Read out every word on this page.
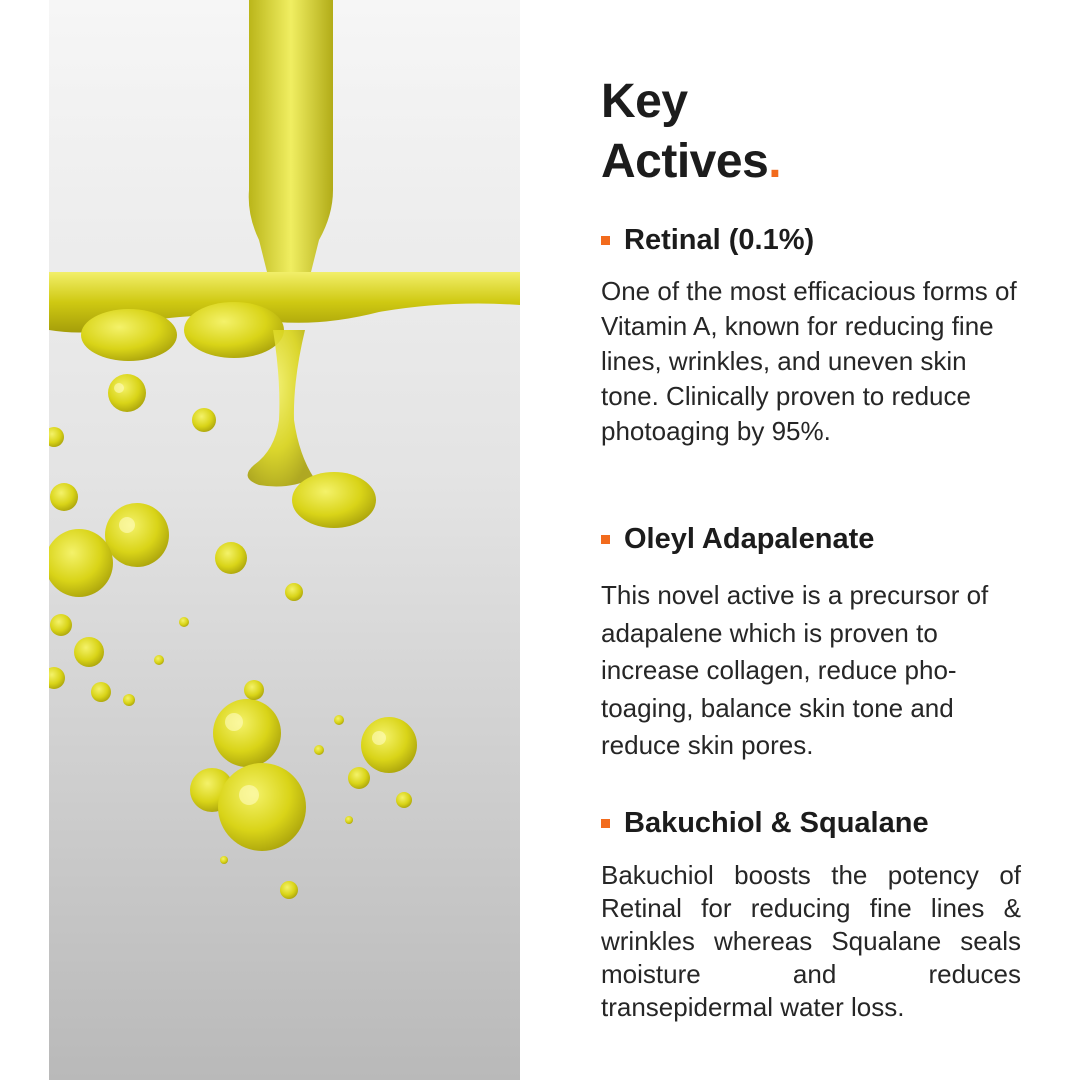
Key
Actives.
Retinal (0.1%)

One of the most efficacious forms of Vitamin A, known for reducing fine lines, wrinkles, and uneven skin tone. Clinically proven to reduce photoaging by 95%.

Oleyl Adapalenate

This novel active is a precursor of adapalene which is proven to increase collagen, reduce pho-toaging, balance skin tone and reduce skin pores.

Bakuchiol & Squalane

Bakuchiol boosts the potency of Retinal for reducing fine lines & wrinkles whereas Squalane seals moisture and reduces transepidermal water loss.
